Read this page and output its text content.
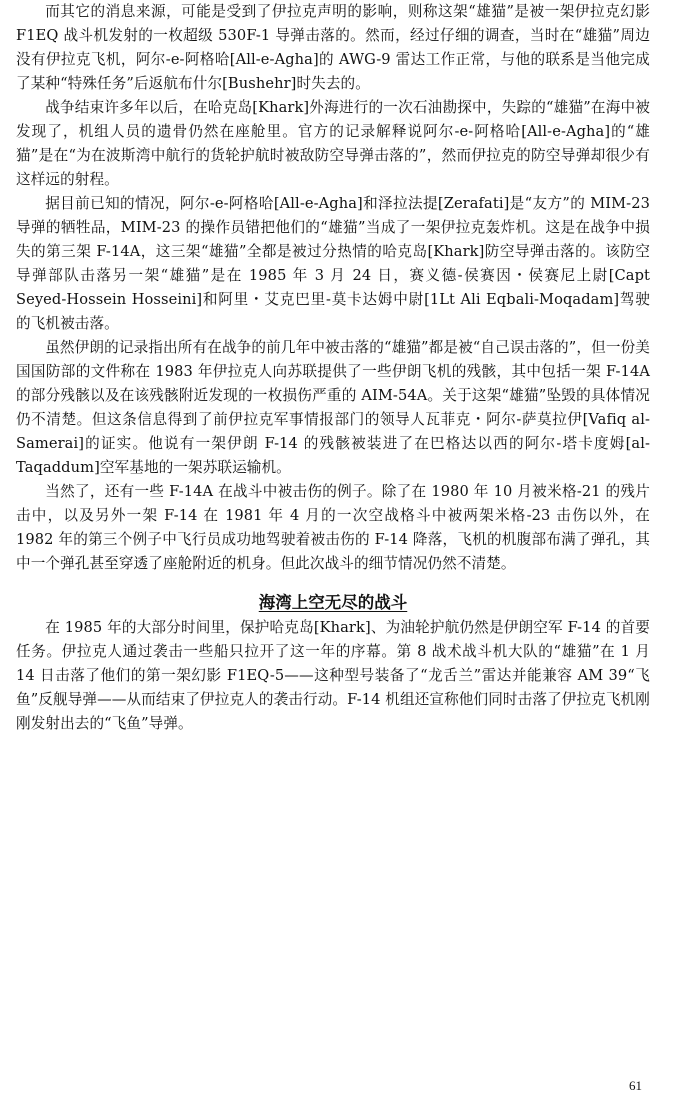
而其它的消息来源，可能是受到了伊拉克声明的影响，则称这架“雄猫”是被一架伊拉克幻影 F1EQ 战斗机发射的一枚超级 530F-1 导弹击落的。然而，经过仔细的调查，当时在“雄猫”周边没有伊拉克飞机，阿尔-e-阿格哈[All-e-Agha]的 AWG-9 雷达工作正常，与他的联系是当他完成了某种“特殊任务”后返航布什尔[Bushehr]时失去的。

战争结束许多年以后，在哈克岛[Khark]外海进行的一次石油勘探中，失踪的“雄猫”在海中被发现了，机组人员的遗骨仍然在座舱里。官方的记录解释说阿尔-e-阿格哈[All-e-Agha]的“雄猫”是在“为在波斯湾中航行的货轮护航时被敌防空导弹击落的”，然而伊拉克的防空导弹却很少有这样远的射程。

据目前已知的情况，阿尔-e-阿格哈[All-e-Agha]和泽拉法提[Zerafati]是“友方”的 MIM-23 导弹的牺牲品，MIM-23 的操作员错把他们的“雄猫”当成了一架伊拉克轰炸机。这是在战争中损失的第三架 F-14A，这三架“雄猫”全都是被过分热情的哈克岛[Khark]防空导弹击落的。该防空导弹部队击落另一架“雄猫”是在 1985 年 3 月 24 日，赛义德-侯赛因・侯赛尼上尉[Capt Seyed-Hossein Hosseini]和阿里・艾克巴里-莫卡达姆中尉[1Lt Ali Eqbali-Moqadam]驾驶的飞机被击落。

虽然伊朗的记录指出所有在战争的前几年中被击落的“雄猫”都是被“自己误击落的”，但一份美国国防部的文件称在 1983 年伊拉克人向苏联提供了一些伊朗飞机的残骸，其中包括一架 F-14A 的部分残骸以及在该残骸附近发现的一枚损伤严重的 AIM-54A。关于这架“雄猫”坠毁的具体情况仍不清楚。但这条信息得到了前伊拉克军事情报部门的领导人瓦菲克・阿尔-萨莫拉伊[Vafiq al-Samerai]的证实。他说有一架伊朗 F-14 的残骸被装进了在巴格达以西的阿尔-塔卡度姆[al-Taqaddum]空军基地的一架苏联运输机。

当然了，还有一些 F-14A 在战斗中被击伤的例子。除了在 1980 年 10 月被米格-21 的残片击中，以及另外一架 F-14 在 1981 年 4 月的一次空战格斗中被两架米格-23 击伤以外，在 1982 年的第三个例子中飞行员成功地驾驶着被击伤的 F-14 降落，飞机的机腹部布满了弹孔，其中一个弹孔甚至穿透了座舱附近的机身。但此次战斗的细节情况仍然不清楚。

海湾上空无尽的战斗

在 1985 年的大部分时间里，保护哈克岛[Khark]、为油轮护航仍然是伊朗空军 F-14 的首要任务。伊拉克人通过袭击一些船只拉开了这一年的序幕。第 8 战术战斗机大队的“雄猫”在 1 月 14 日击落了他们的第一架幻影 F1EQ-5——这种型号装备了“龙舌兰”雷达并能兼容 AM 39“飞鱼”反舰导弹——从而结束了伊拉克人的袭击行动。F-14 机组还宣称他们同时击落了伊拉克飞机刚刚发射出去的“飞鱼”导弹。

61
